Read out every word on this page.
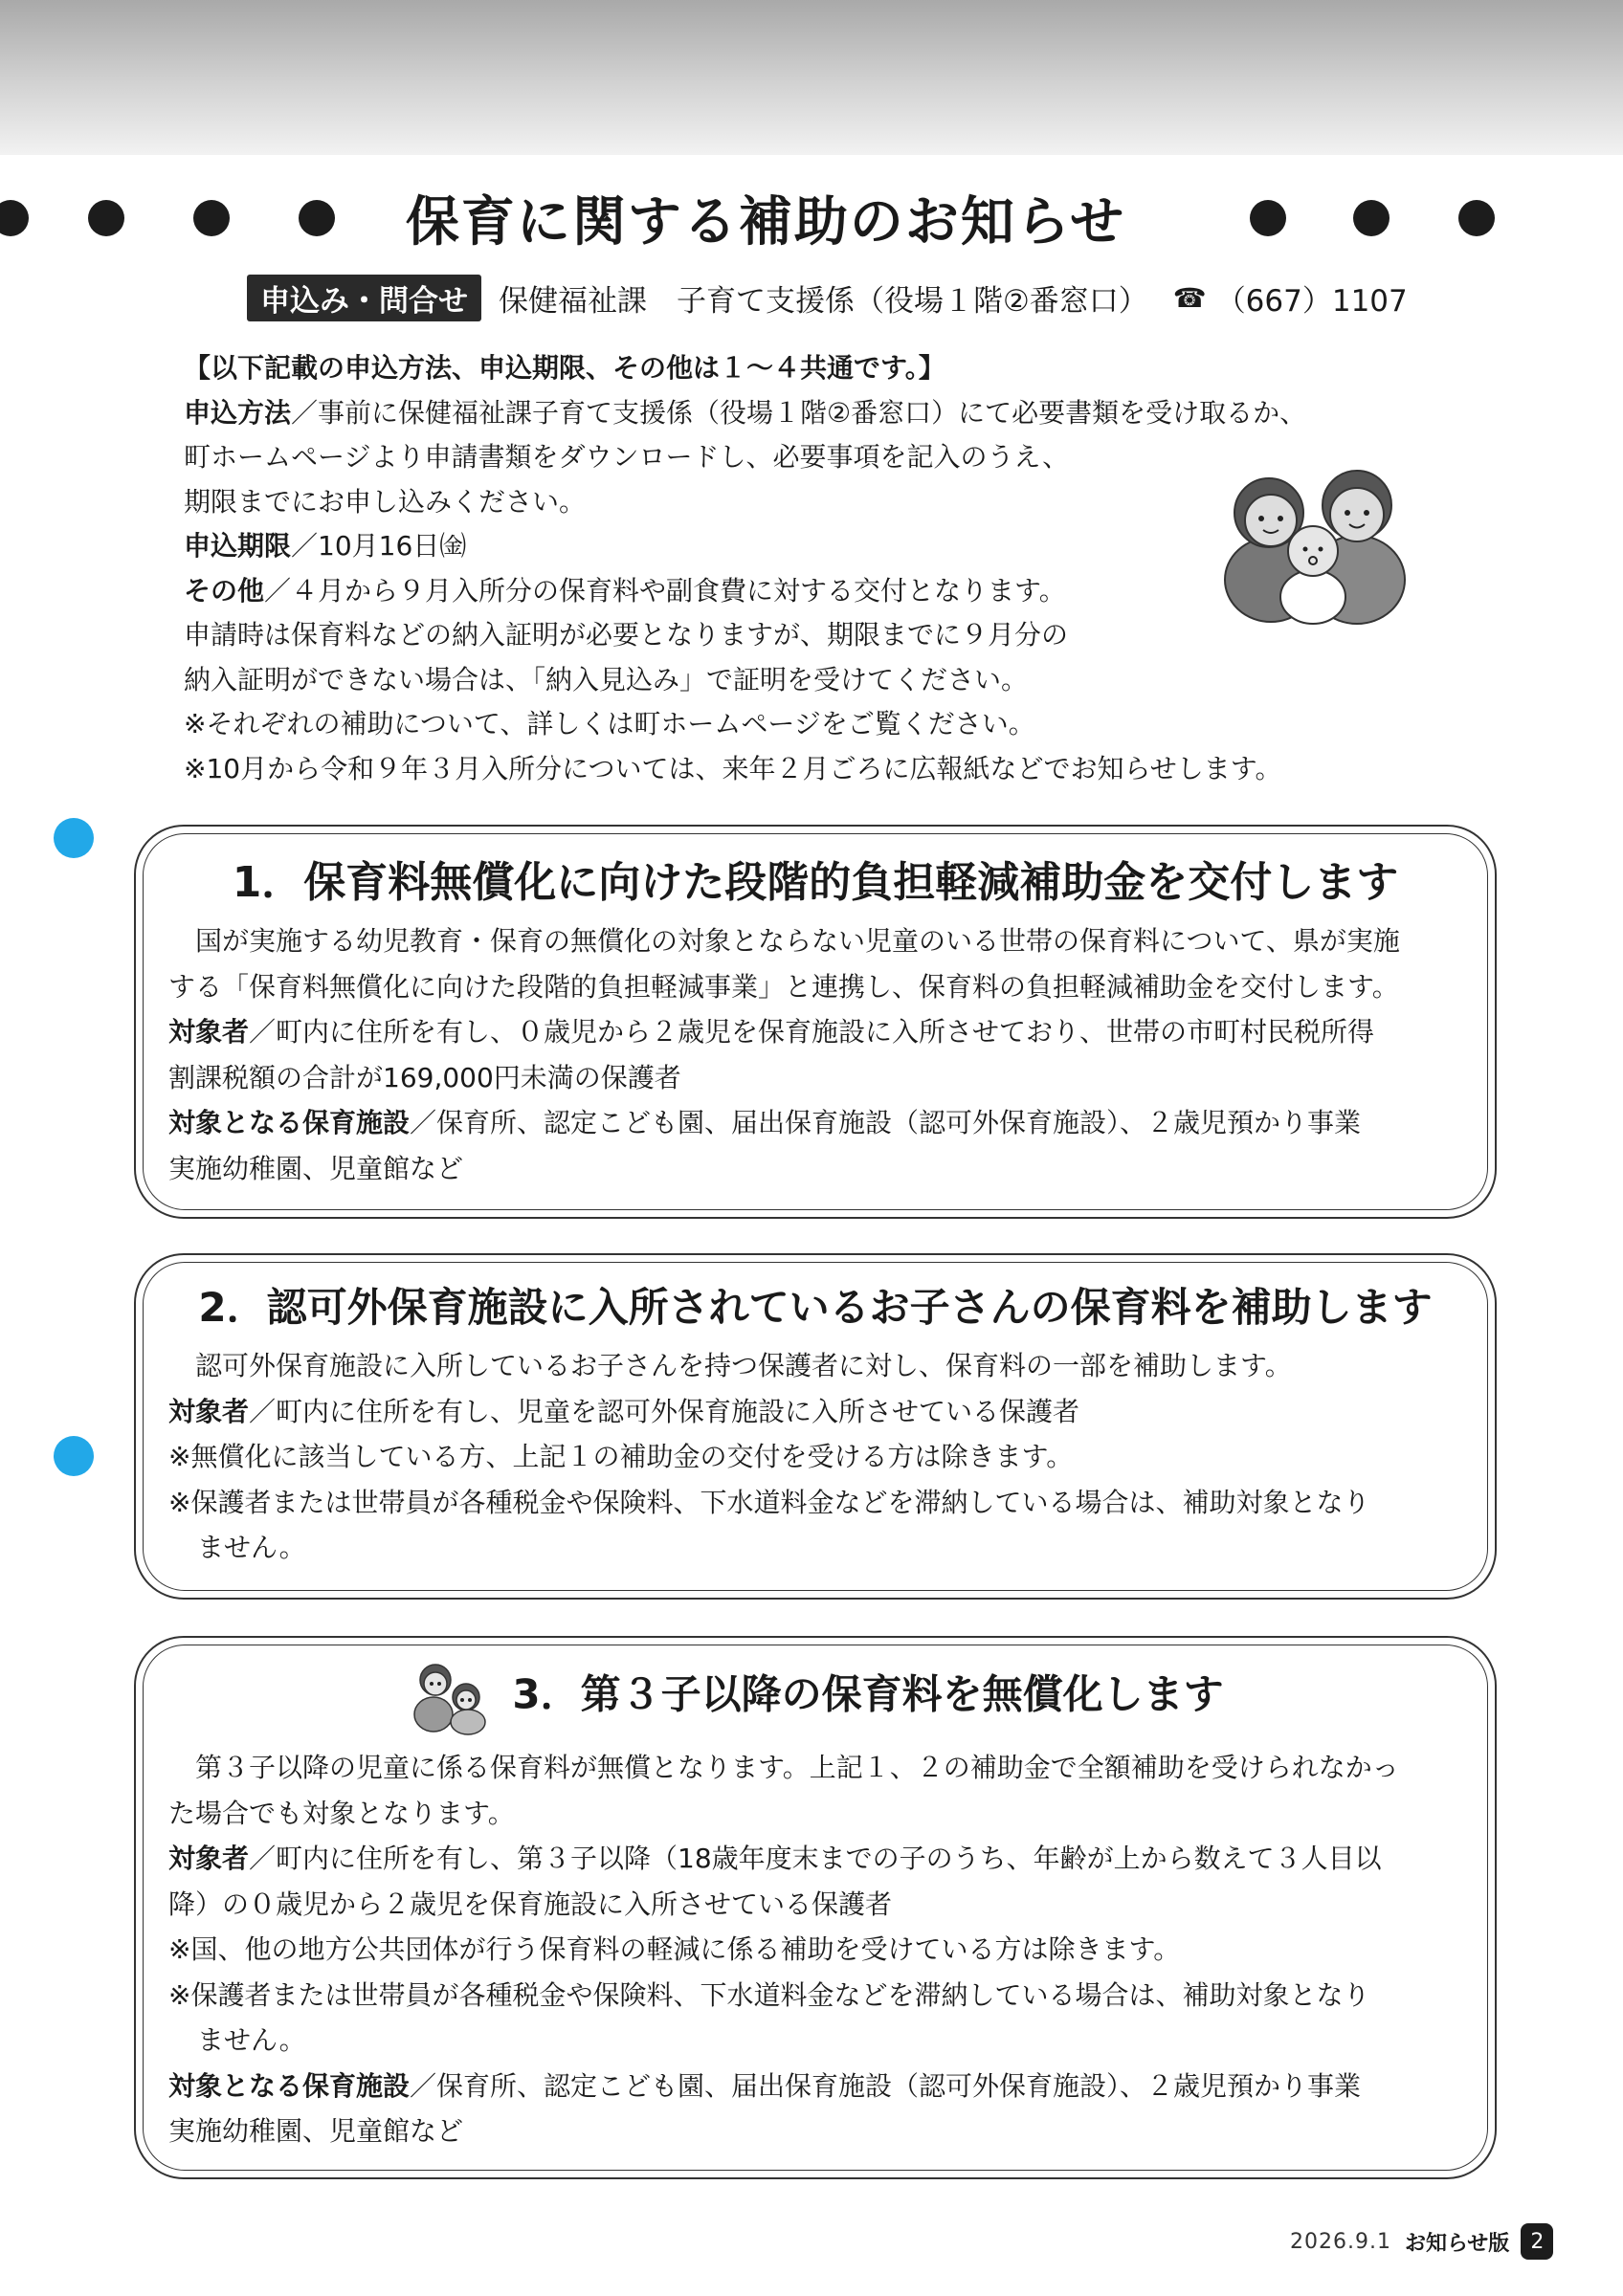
保育に関する補助のお知らせ
申込み・問合せ	保健福祉課　子育て支援係（役場１階②番窓口） ☎ （667）1107
【以下記載の申込方法、申込期限、その他は１～４共通です。】
申込方法／事前に保健福祉課子育て支援係（役場１階②番窓口）にて必要書類を受け取るか、
町ホームページより申請書類をダウンロードし、必要事項を記入のうえ、
期限までにお申し込みください。
申込期限／10月16日㈮
その他／４月から９月入所分の保育料や副食費に対する交付となります。
申請時は保育料などの納入証明が必要となりますが、期限までに９月分の
納入証明ができない場合は、「納入見込み」で証明を受けてください。
※それぞれの補助について、詳しくは町ホームページをご覧ください。
※10月から令和９年３月入所分については、来年２月ごろに広報紙などでお知らせします。
1．保育料無償化に向けた段階的負担軽減補助金を交付します
　国が実施する幼児教育・保育の無償化の対象とならない児童のいる世帯の保育料について、県が実施
する「保育料無償化に向けた段階的負担軽減事業」と連携し、保育料の負担軽減補助金を交付します。
対象者／町内に住所を有し、０歳児から２歳児を保育施設に入所させており、世帯の市町村民税所得
割課税額の合計が169,000円未満の保護者
対象となる保育施設／保育所、認定こども園、届出保育施設（認可外保育施設）、２歳児預かり事業
実施幼稚園、児童館など
2．認可外保育施設に入所されているお子さんの保育料を補助します
　認可外保育施設に入所しているお子さんを持つ保護者に対し、保育料の一部を補助します。
対象者／町内に住所を有し、児童を認可外保育施設に入所させている保護者
※無償化に該当している方、上記１の補助金の交付を受ける方は除きます。
※保護者または世帯員が各種税金や保険料、下水道料金などを滞納している場合は、補助対象となり
ません。
3．第３子以降の保育料を無償化します
　第３子以降の児童に係る保育料が無償となります。上記１、２の補助金で全額補助を受けられなかっ
た場合でも対象となります。
対象者／町内に住所を有し、第３子以降（18歳年度末までの子のうち、年齢が上から数えて３人目以
降）の０歳児から２歳児を保育施設に入所させている保護者
※国、他の地方公共団体が行う保育料の軽減に係る補助を受けている方は除きます。
※保護者または世帯員が各種税金や保険料、下水道料金などを滞納している場合は、補助対象となり
ません。
対象となる保育施設／保育所、認定こども園、届出保育施設（認可外保育施設）、２歳児預かり事業
実施幼稚園、児童館など
2026.9.1 お知らせ版	2
